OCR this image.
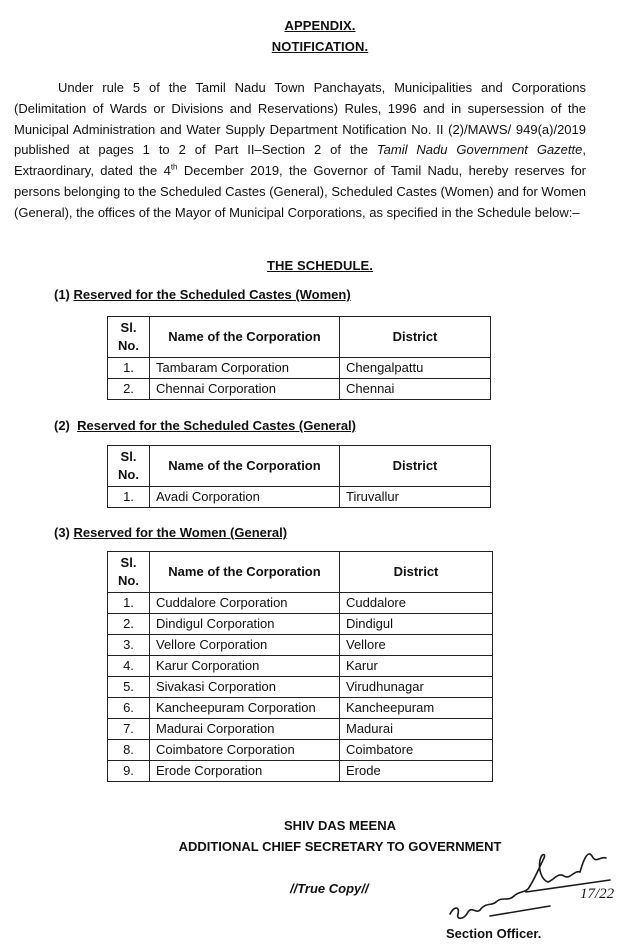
APPENDIX.
NOTIFICATION.
Under rule 5 of the Tamil Nadu Town Panchayats, Municipalities and Corporations (Delimitation of Wards or Divisions and Reservations) Rules, 1996 and in supersession of the Municipal Administration and Water Supply Department Notification No. II (2)/MAWS/ 949(a)/2019 published at pages 1 to 2 of Part II–Section 2 of the Tamil Nadu Government Gazette, Extraordinary, dated the 4th December 2019, the Governor of Tamil Nadu, hereby reserves for persons belonging to the Scheduled Castes (General), Scheduled Castes (Women) and for Women (General), the offices of the Mayor of Municipal Corporations, as specified in the Schedule below:–
THE SCHEDULE.
(1) Reserved for the Scheduled Castes (Women)
Sl.
No.	Name of the Corporation	District
1.	Tambaram Corporation	Chengalpattu
2.	Chennai Corporation	Chennai
(2) Reserved for the Scheduled Castes (General)
Sl.
No.	Name of the Corporation	District
1.	Avadi Corporation	Tiruvallur
(3) Reserved for the Women (General)
Sl.
No.	Name of the Corporation	District
1.	Cuddalore Corporation	Cuddalore
2.	Dindigul Corporation	Dindigul
3.	Vellore Corporation	Vellore
4.	Karur Corporation	Karur
5.	Sivakasi Corporation	Virudhunagar
6.	Kancheepuram Corporation	Kancheepuram
7.	Madurai Corporation	Madurai
8.	Coimbatore Corporation	Coimbatore
9.	Erode Corporation	Erode
SHIV DAS MEENA
ADDITIONAL CHIEF SECRETARY TO GOVERNMENT
//True Copy//	17/22
Section Officer.
